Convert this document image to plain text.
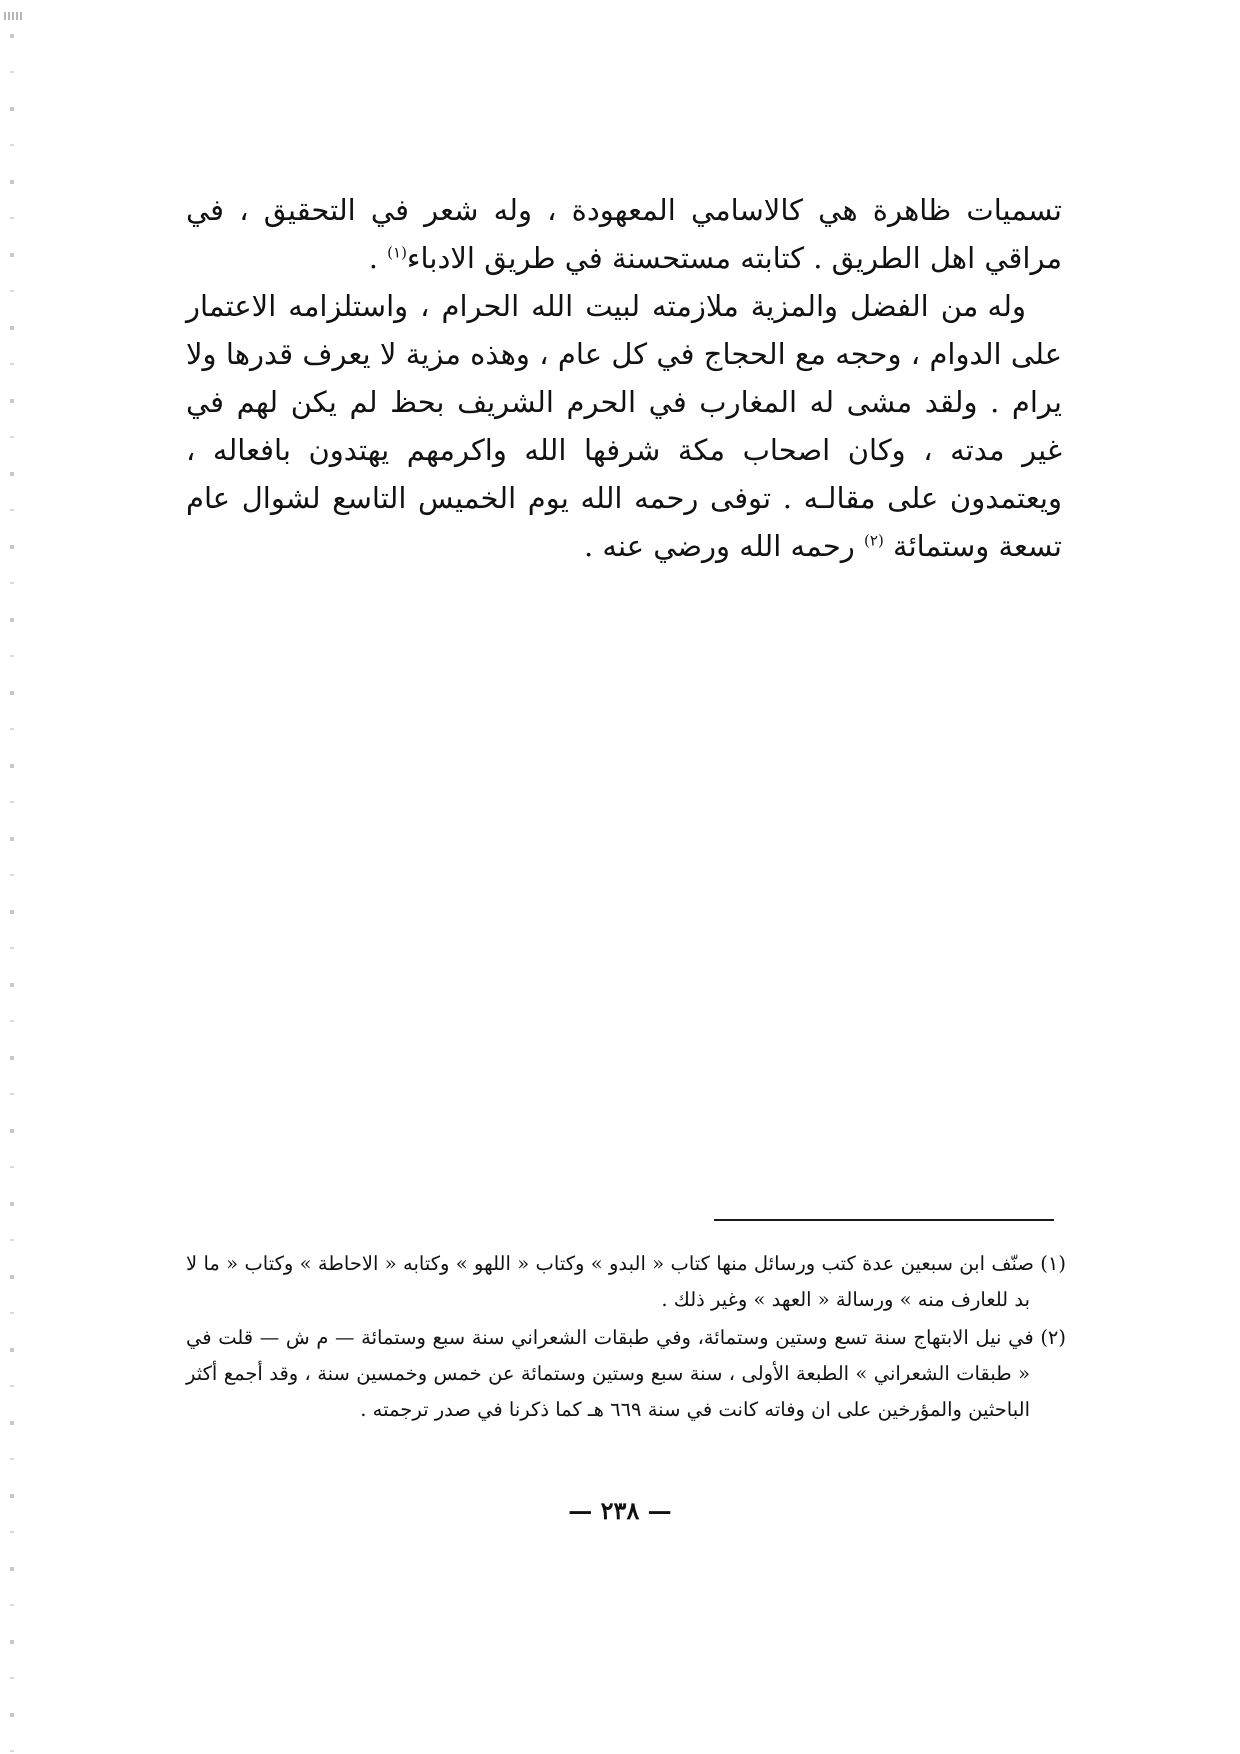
تسميات ظاهرة هي كالاسامي المعهودة ، وله شعر في التحقيق ، في مراقي اهل الطريق . كتابته مستحسنة في طريق الادباء$^{(١)}$ .

وله من الفضل والمزية ملازمته لبيت الله الحرام ، واستلزامه الاعتمار على الدوام ، وحجه مع الحجاج في كل عام ، وهذه مزية لا يعرف قدرها ولا يرام . ولقد مشى له المغارب في الحرم الشريف بحظ لم يكن لهم في غير مدته ، وكان اصحاب مكة شرفها الله واكرمهم يهتدون بافعاله ، ويعتمدون على مقالـه . توفى رحمه الله يوم الخميس التاسع لشوال عام تسعة وستمائة $^{(٢)}$ رحمه الله ورضي عنه .

(١) صنّف ابن سبعين عدة كتب ورسائل منها كتاب « البدو » وكتاب « اللهو » وكتابه « الاحاطة » وكتاب « ما لا بد للعارف منه » ورسالة « العهد » وغير ذلك .

(٢) في نيل الابتهاج سنة تسع وستين وستمائة، وفي طبقات الشعراني سنة سبع وستمائة — م ش — قلت في « طبقات الشعراني » الطبعة الأولى ، سنة سبع وستين وستمائة عن خمس وخمسين سنة ، وقد أجمع أكثر الباحثين والمؤرخين على ان وفاته كانت في سنة ٦٦٩ هـ كما ذكرنا في صدر ترجمته .

— ٢٣٨ —
